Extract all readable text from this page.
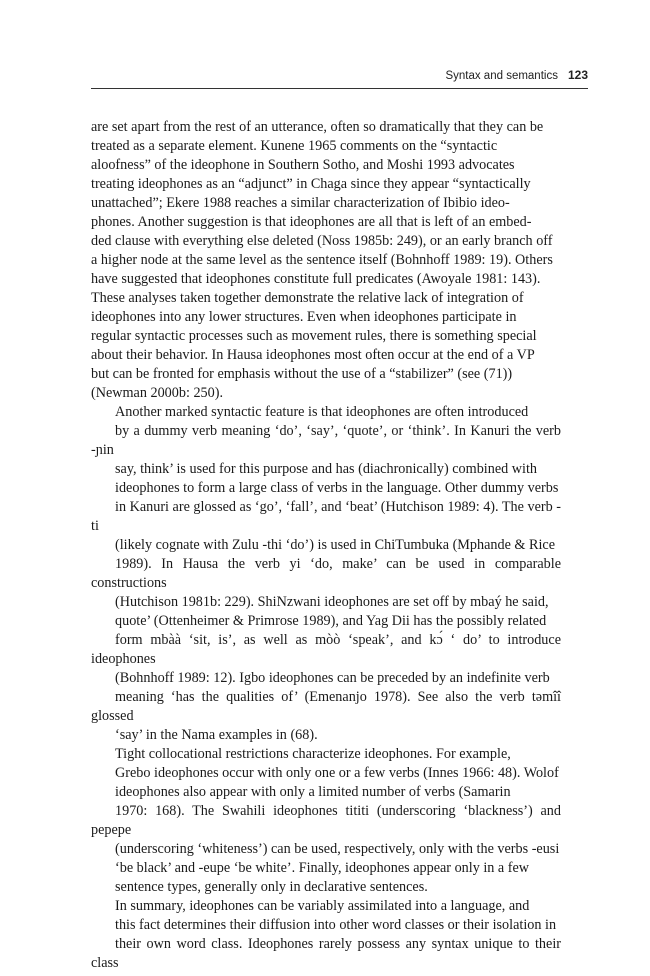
Syntax and semantics 123

are set apart from the rest of an utterance, often so dramatically that they can be
treated as a separate element. Kunene 1965 comments on the “syntactic
aloofness” of the ideophone in Southern Sotho, and Moshi 1993 advocates
treating ideophones as an “adjunct” in Chaga since they appear “syntactically
unattached”; Ekere 1988 reaches a similar characterization of Ibibio ideo-
phones. Another suggestion is that ideophones are all that is left of an embed-
ded clause with everything else deleted (Noss 1985b: 249), or an early branch off
a higher node at the same level as the sentence itself (Bohnhoff 1989: 19). Others
have suggested that ideophones constitute full predicates (Awoyale 1981: 143).
These analyses taken together demonstrate the relative lack of integration of
ideophones into any lower structures. Even when ideophones participate in
regular syntactic processes such as movement rules, there is something special
about their behavior. In Hausa ideophones most often occur at the end of a VP
but can be fronted for emphasis without the use of a “stabilizer” (see (71))
(Newman 2000b: 250).

Another marked syntactic feature is that ideophones are often introduced
by a dummy verb meaning ‘do’, ‘say’, ‘quote’, or ‘think’. In Kanuri the verb -ɲin
say, think’ is used for this purpose and has (diachronically) combined with
ideophones to form a large class of verbs in the language. Other dummy verbs
in Kanuri are glossed as ‘go’, ‘fall’, and ‘beat’ (Hutchison 1989: 4). The verb -ti
(likely cognate with Zulu -thi ‘do’) is used in ChiTumbuka (Mphande & Rice
1989). In Hausa the verb yi ‘do, make’ can be used in comparable constructions
(Hutchison 1981b: 229). ShiNzwani ideophones are set off by mbaý he said,
quote’ (Ottenheimer & Primrose 1989), and Yag Dii has the possibly related
form mbàà ‘sit, is’, as well as mòò ‘speak’, and kɔ́ ‘ do’ to introduce ideophones
(Bohnhoff 1989: 12). Igbo ideophones can be preceded by an indefinite verb
meaning ‘has the qualities of’ (Emenanjo 1978). See also the verb təmîî glossed
‘say’ in the Nama examples in (68).

Tight collocational restrictions characterize ideophones. For example,
Grebo ideophones occur with only one or a few verbs (Innes 1966: 48). Wolof
ideophones also appear with only a limited number of verbs (Samarin
1970: 168). The Swahili ideophones tititi (underscoring ‘blackness’) and pepepe
(underscoring ‘whiteness’) can be used, respectively, only with the verbs -eusi
‘be black’ and -eupe ‘be white’. Finally, ideophones appear only in a few
sentence types, generally only in declarative sentences.

In summary, ideophones can be variably assimilated into a language, and
this fact determines their diffusion into other word classes or their isolation in
their own word class. Ideophones rarely possess any syntax unique to their class
